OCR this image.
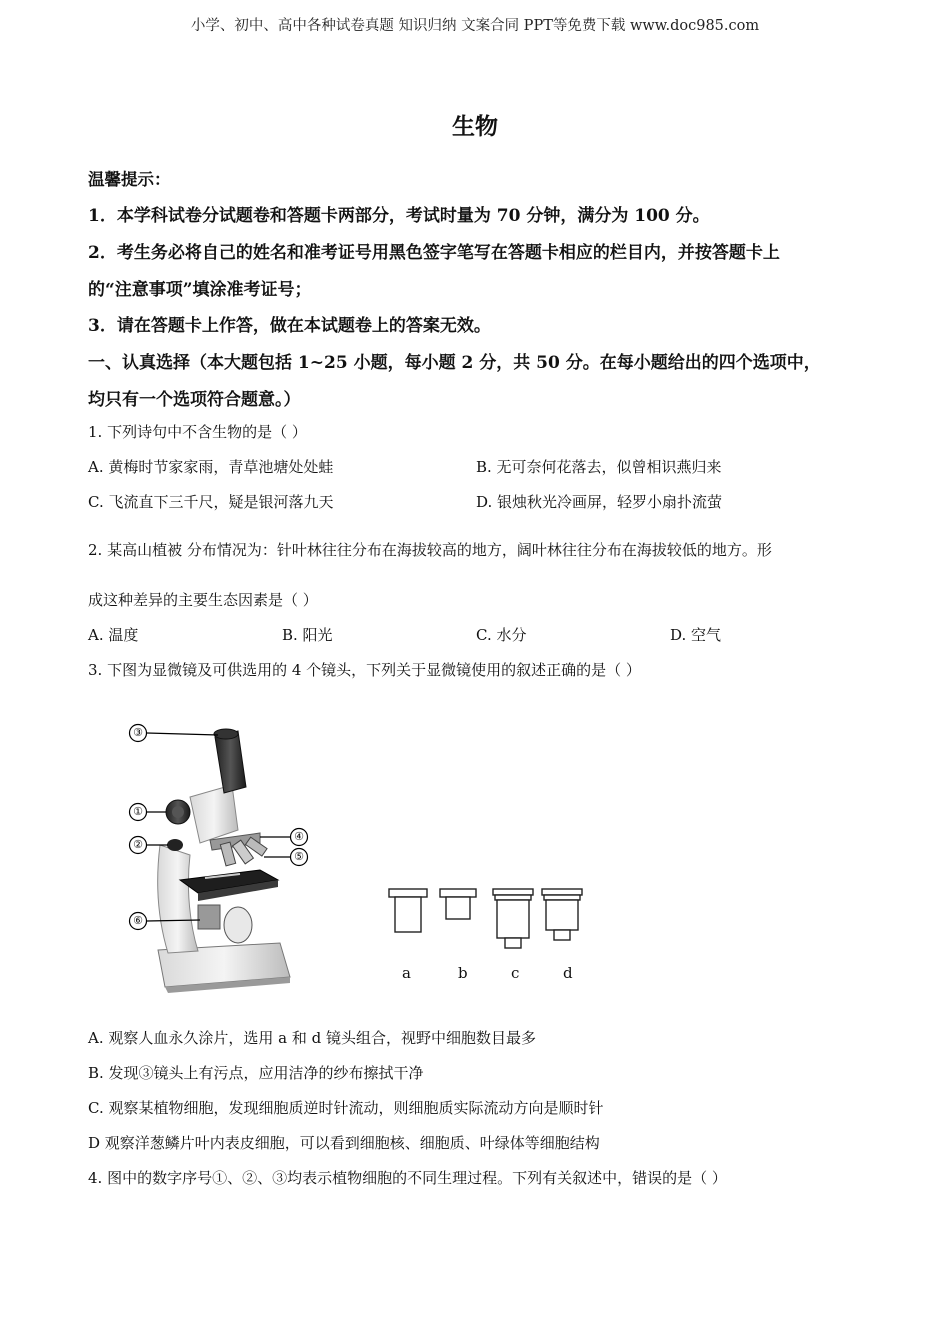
小学、初中、高中各种试卷真题 知识归纳 文案合同 PPT等免费下载 www.doc985.com
生物
温馨提示：
1．本学科试卷分试题卷和答题卡两部分，考试时量为 70 分钟，满分为 100 分。
2．考生务必将自己的姓名和准考证号用黑色签字笔写在答题卡相应的栏目内，并按答题卡上
的“注意事项”填涂准考证号；
3．请在答题卡上作答，做在本试题卷上的答案无效。
一、认真选择（本大题包括 1~25 小题，每小题 2 分，共 50 分。在每小题给出的四个选项中，
均只有一个选项符合题意。）
1. 下列诗句中不含生物的是（ ）
A. 黄梅时节家家雨，青草池塘处处蛙	B. 无可奈何花落去，似曾相识燕归来
C. 飞流直下三千尺，疑是银河落九天	D. 银烛秋光冷画屏，轻罗小扇扑流萤
2. 某高山植被 分布情况为：针叶林往往分布在海拔较高的地方，阔叶林往往分布在海拔较低的地方。形
成这种差异的主要生态因素是（ ）
A. 温度	B. 阳光	C. 水分	D. 空气
3. 下图为显微镜及可供选用的 4 个镜头，下列关于显微镜使用的叙述正确的是（ ）
③
①
②
④
⑤
⑥
a	b	c	d
A. 观察人血永久涂片，选用 a 和 d 镜头组合，视野中细胞数目最多
B. 发现③镜头上有污点，应用洁净的纱布擦拭干净
C. 观察某植物细胞，发现细胞质逆时针流动，则细胞质实际流动方向是顺时针
D 观察洋葱鳞片叶内表皮细胞，可以看到细胞核、细胞质、叶绿体等细胞结构
4. 图中的数字序号①、②、③均表示植物细胞的不同生理过程。下列有关叙述中，错误的是（ ）
